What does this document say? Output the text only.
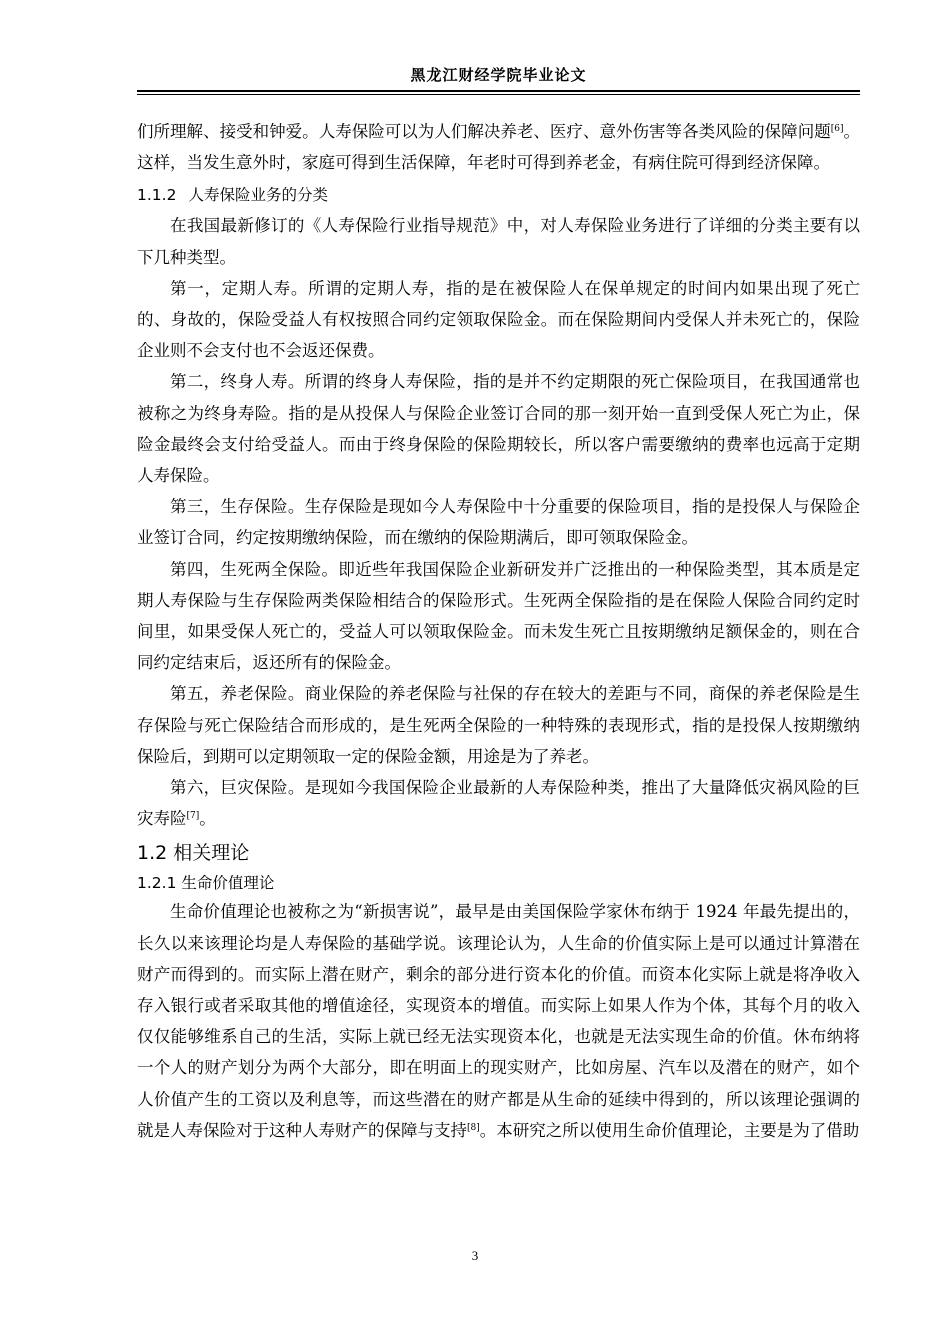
黑龙江财经学院毕业论文

们所理解、接受和钟爱。人寿保险可以为人们解决养老、医疗、意外伤害等各类风险的保障问题[6]。这样，当发生意外时，家庭可得到生活保障，年老时可得到养老金，有病住院可得到经济保障。

1.1.2 人寿保险业务的分类

在我国最新修订的《人寿保险行业指导规范》中，对人寿保险业务进行了详细的分类主要有以下几种类型。

第一，定期人寿。所谓的定期人寿，指的是在被保险人在保单规定的时间内如果出现了死亡的、身故的，保险受益人有权按照合同约定领取保险金。而在保险期间内受保人并未死亡的，保险企业则不会支付也不会返还保费。

第二，终身人寿。所谓的终身人寿保险，指的是并不约定期限的死亡保险项目，在我国通常也被称之为终身寿险。指的是从投保人与保险企业签订合同的那一刻开始一直到受保人死亡为止，保险金最终会支付给受益人。而由于终身保险的保险期较长，所以客户需要缴纳的费率也远高于定期人寿保险。

第三，生存保险。生存保险是现如今人寿保险中十分重要的保险项目，指的是投保人与保险企业签订合同，约定按期缴纳保险，而在缴纳的保险期满后，即可领取保险金。

第四，生死两全保险。即近些年我国保险企业新研发并广泛推出的一种保险类型，其本质是定期人寿保险与生存保险两类保险相结合的保险形式。生死两全保险指的是在保险人保险合同约定时间里，如果受保人死亡的，受益人可以领取保险金。而未发生死亡且按期缴纳足额保金的，则在合同约定结束后，返还所有的保险金。

第五，养老保险。商业保险的养老保险与社保的存在较大的差距与不同，商保的养老保险是生存保险与死亡保险结合而形成的，是生死两全保险的一种特殊的表现形式，指的是投保人按期缴纳保险后，到期可以定期领取一定的保险金额，用途是为了养老。

第六，巨灾保险。是现如今我国保险企业最新的人寿保险种类，推出了大量降低灾祸风险的巨灾寿险[7]。

1.2 相关理论
1.2.1 生命价值理论

生命价值理论也被称之为“新损害说”，最早是由美国保险学家休布纳于 1924 年最先提出的，长久以来该理论均是人寿保险的基础学说。该理论认为，人生命的价值实际上是可以通过计算潜在财产而得到的。而实际上潜在财产，剩余的部分进行资本化的价值。而资本化实际上就是将净收入存入银行或者采取其他的增值途径，实现资本的增值。而实际上如果人作为个体，其每个月的收入仅仅能够维系自己的生活，实际上就已经无法实现资本化，也就是无法实现生命的价值。休布纳将一个人的财产划分为两个大部分，即在明面上的现实财产，比如房屋、汽车以及潜在的财产，如个人价值产生的工资以及利息等，而这些潜在的财产都是从生命的延续中得到的，所以该理论强调的就是人寿保险对于这种人寿财产的保障与支持[8]。本研究之所以使用生命价值理论，主要是为了借助

3
